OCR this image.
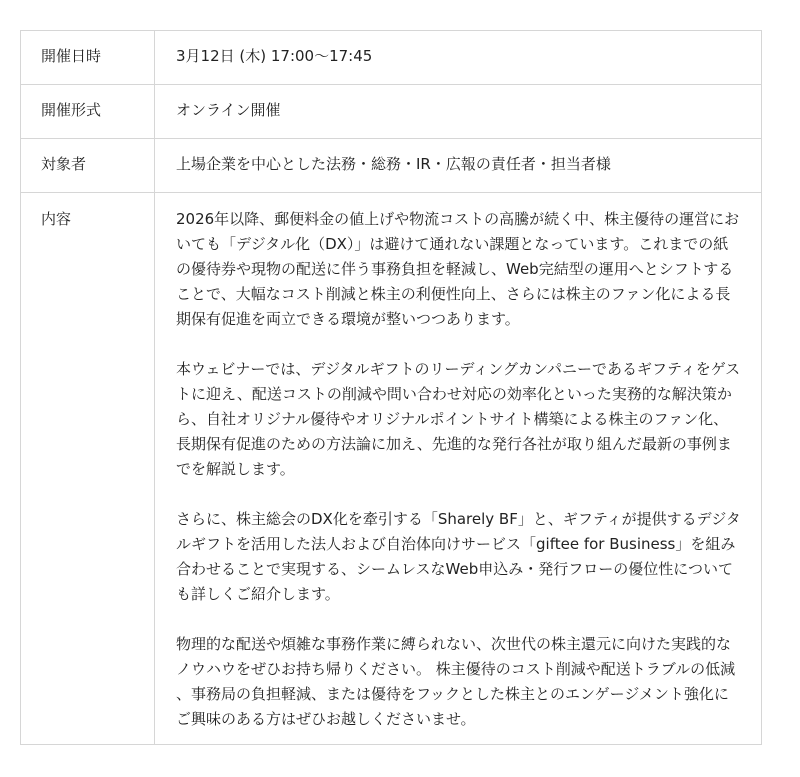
開催日時	3月12日 (木) 17:00〜17:45
開催形式	オンライン開催
対象者	上場企業を中心とした法務・総務・IR・広報の責任者・担当者様
内容	2026年以降、郵便料金の値上げや物流コストの高騰が続く中、株主優待の運営においても「デジタル化（DX）」は避けて通れない課題となっています。これまでの紙の優待券や現物の配送に伴う事務負担を軽減し、Web完結型の運用へとシフトすることで、大幅なコスト削減と株主の利便性向上、さらには株主のファン化による長期保有促進を両立できる環境が整いつつあります。

本ウェビナーでは、デジタルギフトのリーディングカンパニーであるギフティをゲストに迎え、配送コストの削減や問い合わせ対応の効率化といった実務的な解決策から、自社オリジナル優待やオリジナルポイントサイト構築による株主のファン化、長期保有促進のための方法論に加え、先進的な発行各社が取り組んだ最新の事例までを解説します。

さらに、株主総会のDX化を牽引する「Sharely BF」と、ギフティが提供するデジタルギフトを活用した法人および自治体向けサービス「giftee for Business」を組み合わせることで実現する、シームレスなWeb申込み・発行フローの優位性についても詳しくご紹介します。

物理的な配送や煩雑な事務作業に縛られない、次世代の株主還元に向けた実践的なノウハウをぜひお持ち帰りください。 株主優待のコスト削減や配送トラブルの低減、事務局の負担軽減、または優待をフックとした株主とのエンゲージメント強化にご興味のある方はぜひお越しくださいませ。
